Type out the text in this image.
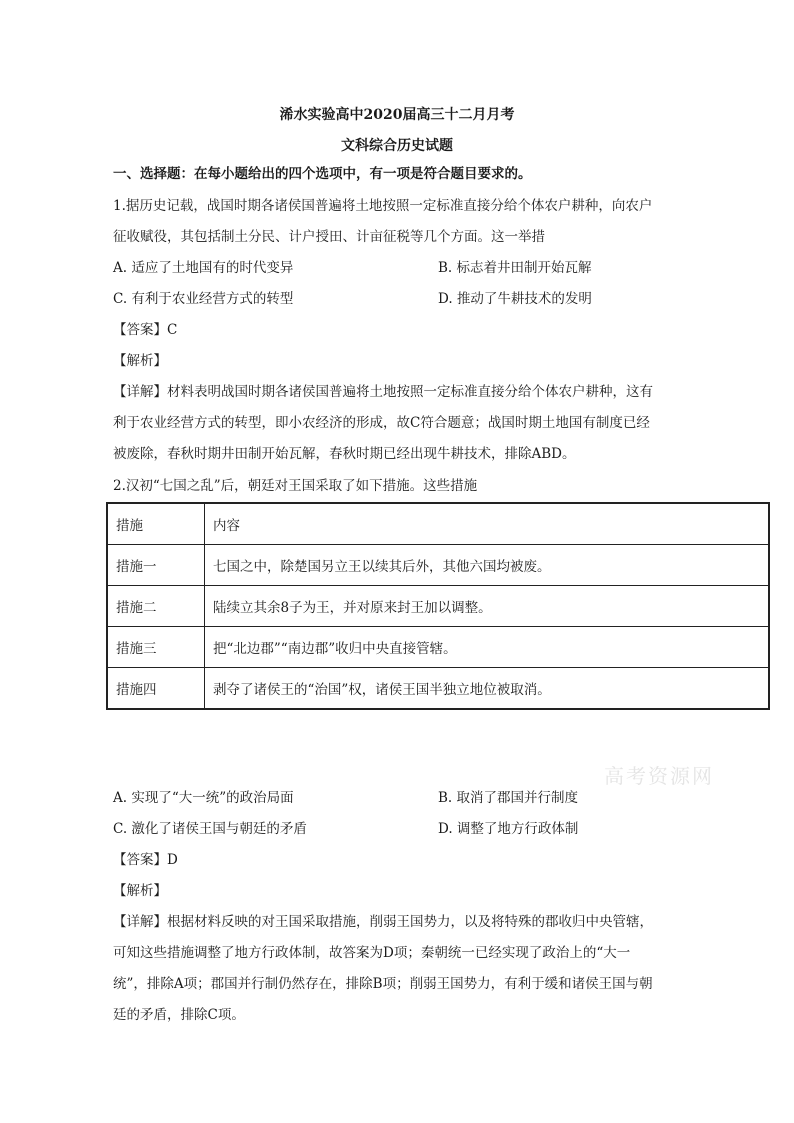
浠水实验高中2020届高三十二月月考
文科综合历史试题
一、选择题：在每小题给出的四个选项中，有一项是符合题目要求的。
1.据历史记载，战国时期各诸侯国普遍将土地按照一定标准直接分给个体农户耕种，向农户
征收赋役，其包括制土分民、计户授田、计亩征税等几个方面。这一举措
A. 适应了土地国有的时代变异	B. 标志着井田制开始瓦解
C. 有利于农业经营方式的转型	D. 推动了牛耕技术的发明
【答案】C
【解析】
【详解】材料表明战国时期各诸侯国普遍将土地按照一定标准直接分给个体农户耕种，这有
利于农业经营方式的转型，即小农经济的形成，故C符合题意；战国时期土地国有制度已经
被废除，春秋时期井田制开始瓦解，春秋时期已经出现牛耕技术，排除ABD。
2.汉初“七国之乱”后，朝廷对王国采取了如下措施。这些措施
措施	内容
措施一	七国之中，除楚国另立王以续其后外，其他六国均被废。
措施二	陆续立其余8子为王，并对原来封王加以调整。
措施三	把“北边郡”“南边郡”收归中央直接管辖。
措施四	剥夺了诸侯王的“治国”权，诸侯王国半独立地位被取消。
高考资源网
A. 实现了“大一统”的政治局面	B. 取消了郡国并行制度
C. 激化了诸侯王国与朝廷的矛盾	D. 调整了地方行政体制
【答案】D
【解析】
【详解】根据材料反映的对王国采取措施，削弱王国势力，以及将特殊的郡收归中央管辖，
可知这些措施调整了地方行政体制，故答案为D项；秦朝统一已经实现了政治上的“大一
统”，排除A项；郡国并行制仍然存在，排除B项；削弱王国势力，有利于缓和诸侯王国与朝
廷的矛盾，排除C项。
